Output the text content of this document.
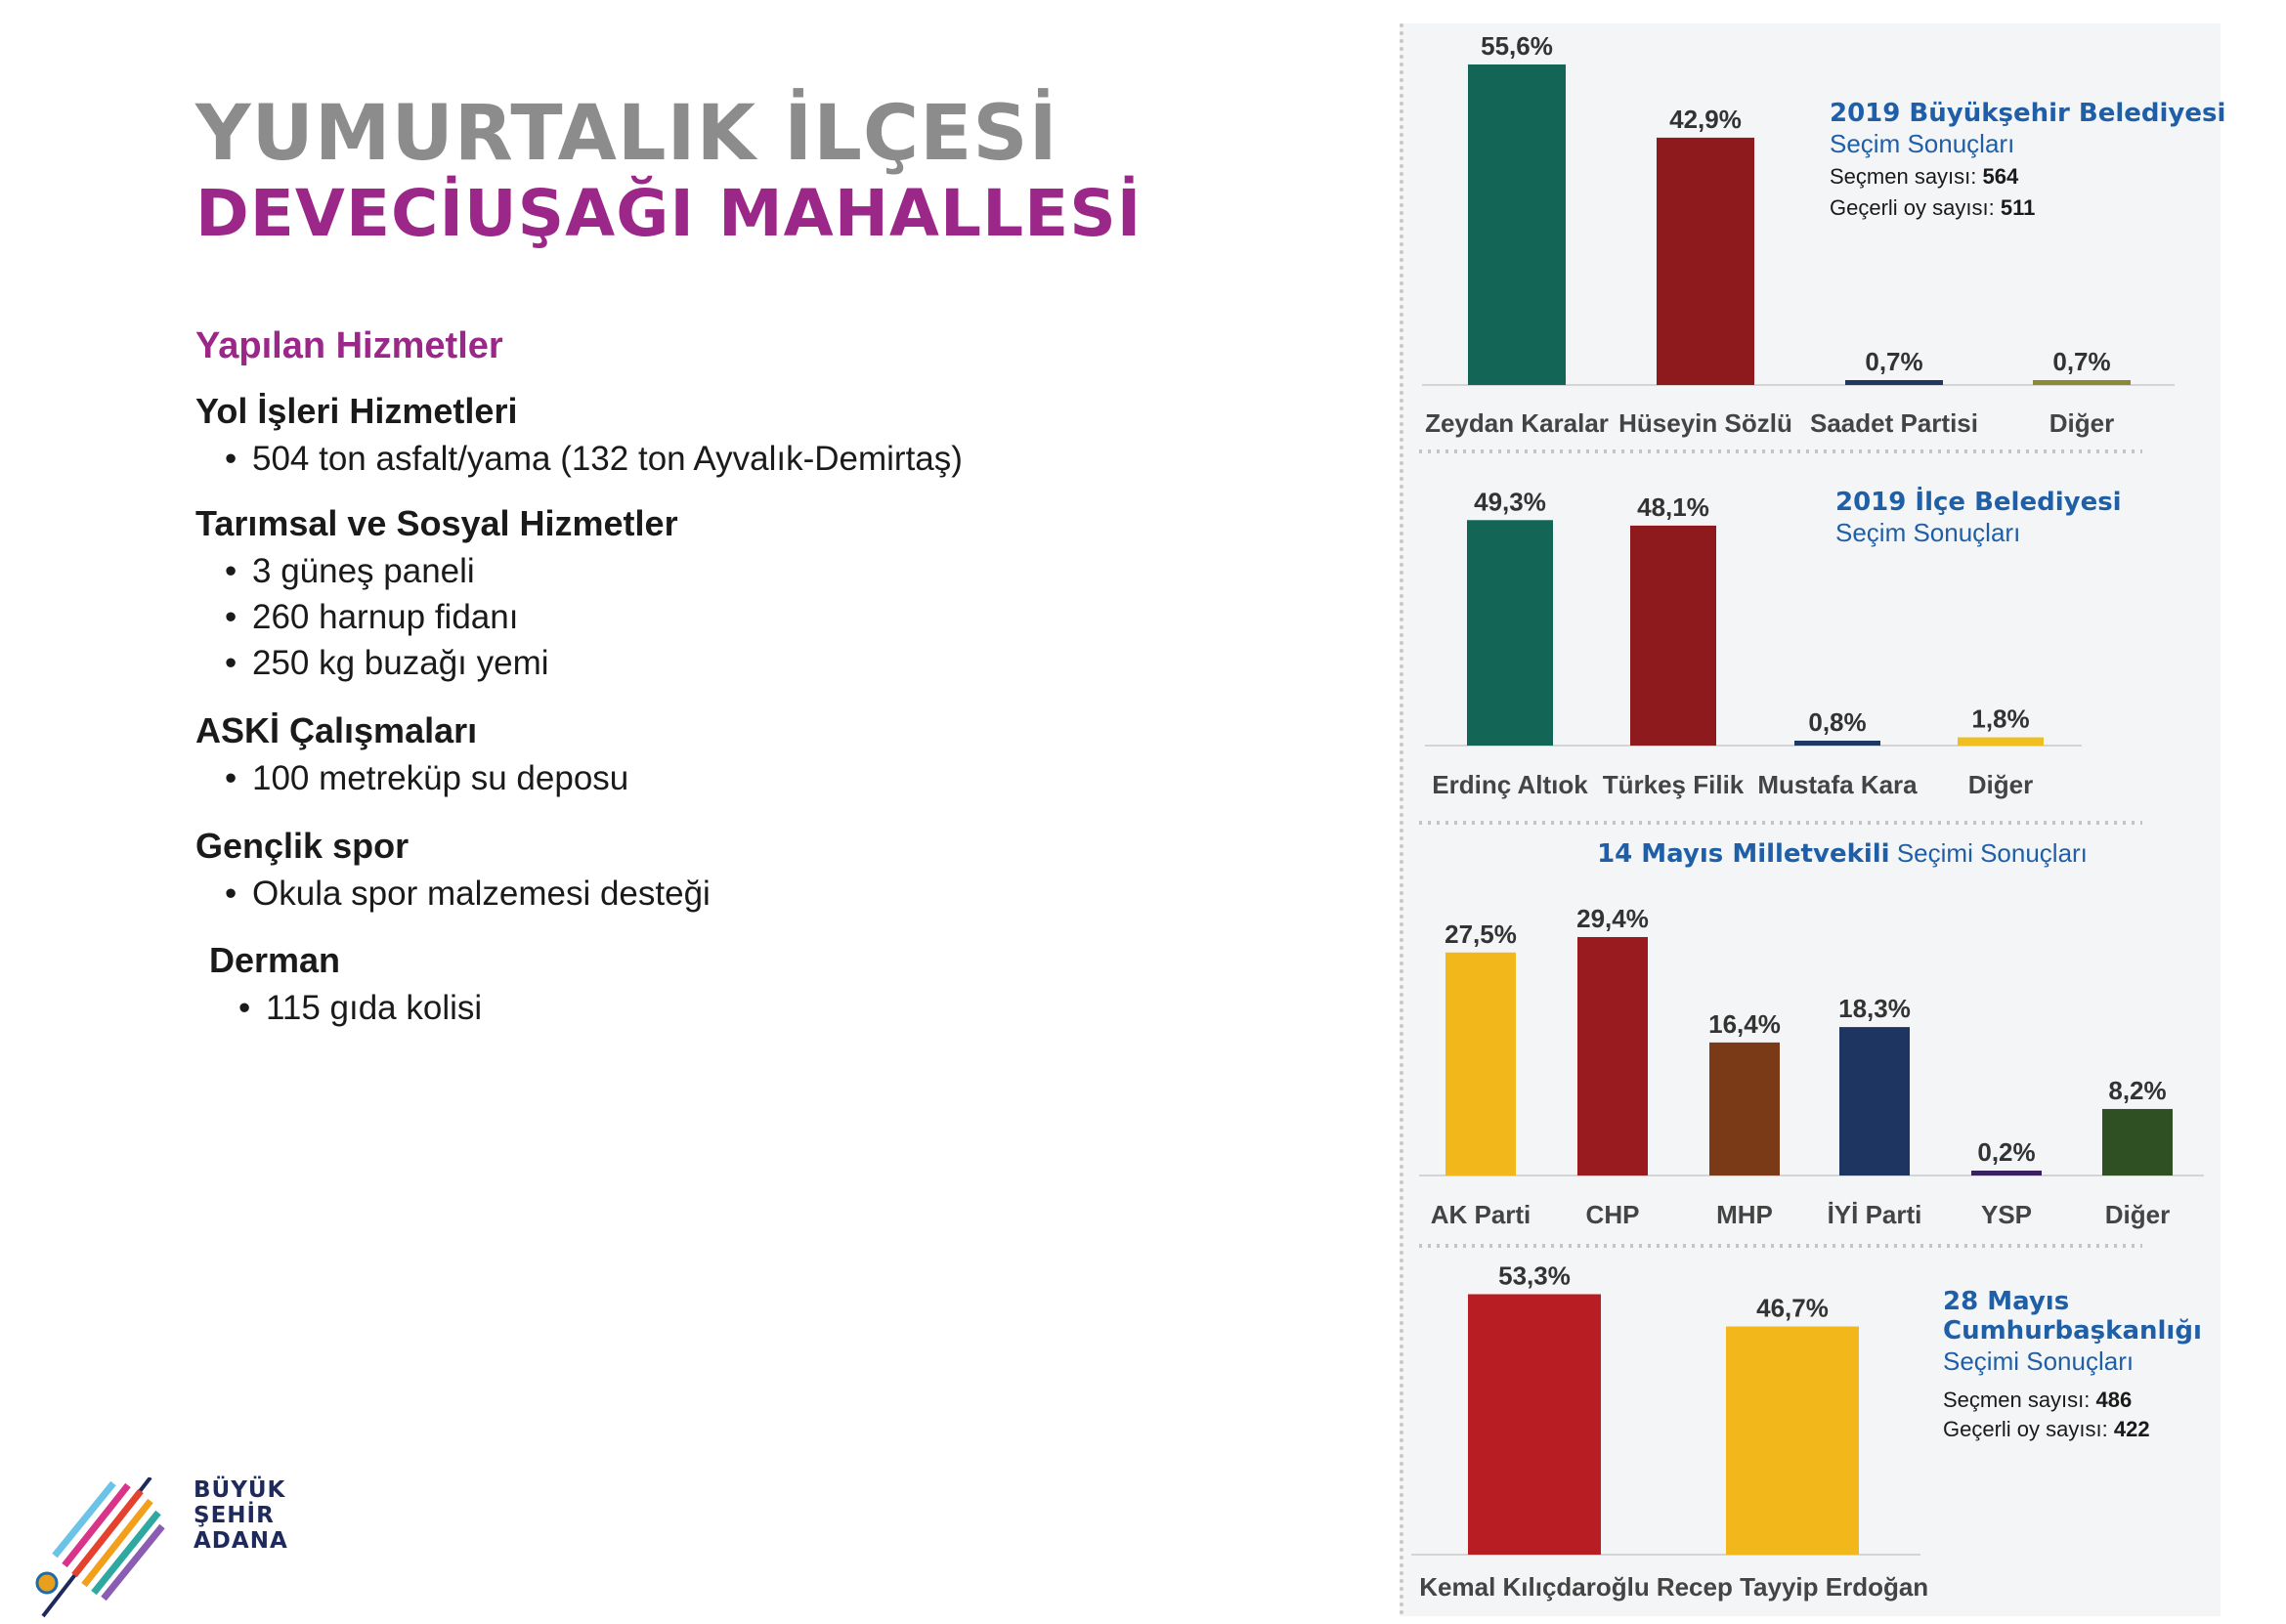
YUMURTALIK İLÇESİ
DEVECİUŞAĞI MAHALLESİ
Yapılan Hizmetler
Yol İşleri Hizmetleri
• 504 ton asfalt/yama (132 ton Ayvalık-Demirtaş)
Tarımsal ve Sosyal Hizmetler
• 3 güneş paneli
• 260 harnup fidanı
• 250 kg buzağı yemi
ASKİ Çalışmaları
• 100 metreküp su deposu
Gençlik spor
• Okula spor malzemesi desteği
Derman
• 115 gıda kolisi
BÜYÜK
ŞEHİR
ADANA
55,6%
Zeydan Karalar
42,9%
Hüseyin Sözlü
0,7%
Saadet Partisi
0,7%
Diğer
2019 Büyükşehir Belediyesi
Seçim Sonuçları
Seçmen sayısı: 564
Geçerli oy sayısı: 511
49,3%
Erdinç Altıok
48,1%
Türkeş Filik
0,8%
Mustafa Kara
1,8%
Diğer
2019 İlçe Belediyesi
Seçim Sonuçları
27,5%
AK Parti
29,4%
CHP
16,4%
MHP
18,3%
İYİ Parti
0,2%
YSP
8,2%
Diğer
14 Mayıs Milletvekili Seçimi Sonuçları
53,3%
Kemal Kılıçdaroğlu
46,7%
Recep Tayyip Erdoğan
28 Mayıs
Cumhurbaşkanlığı
Seçimi Sonuçları
Seçmen sayısı: 486
Geçerli oy sayısı: 422
